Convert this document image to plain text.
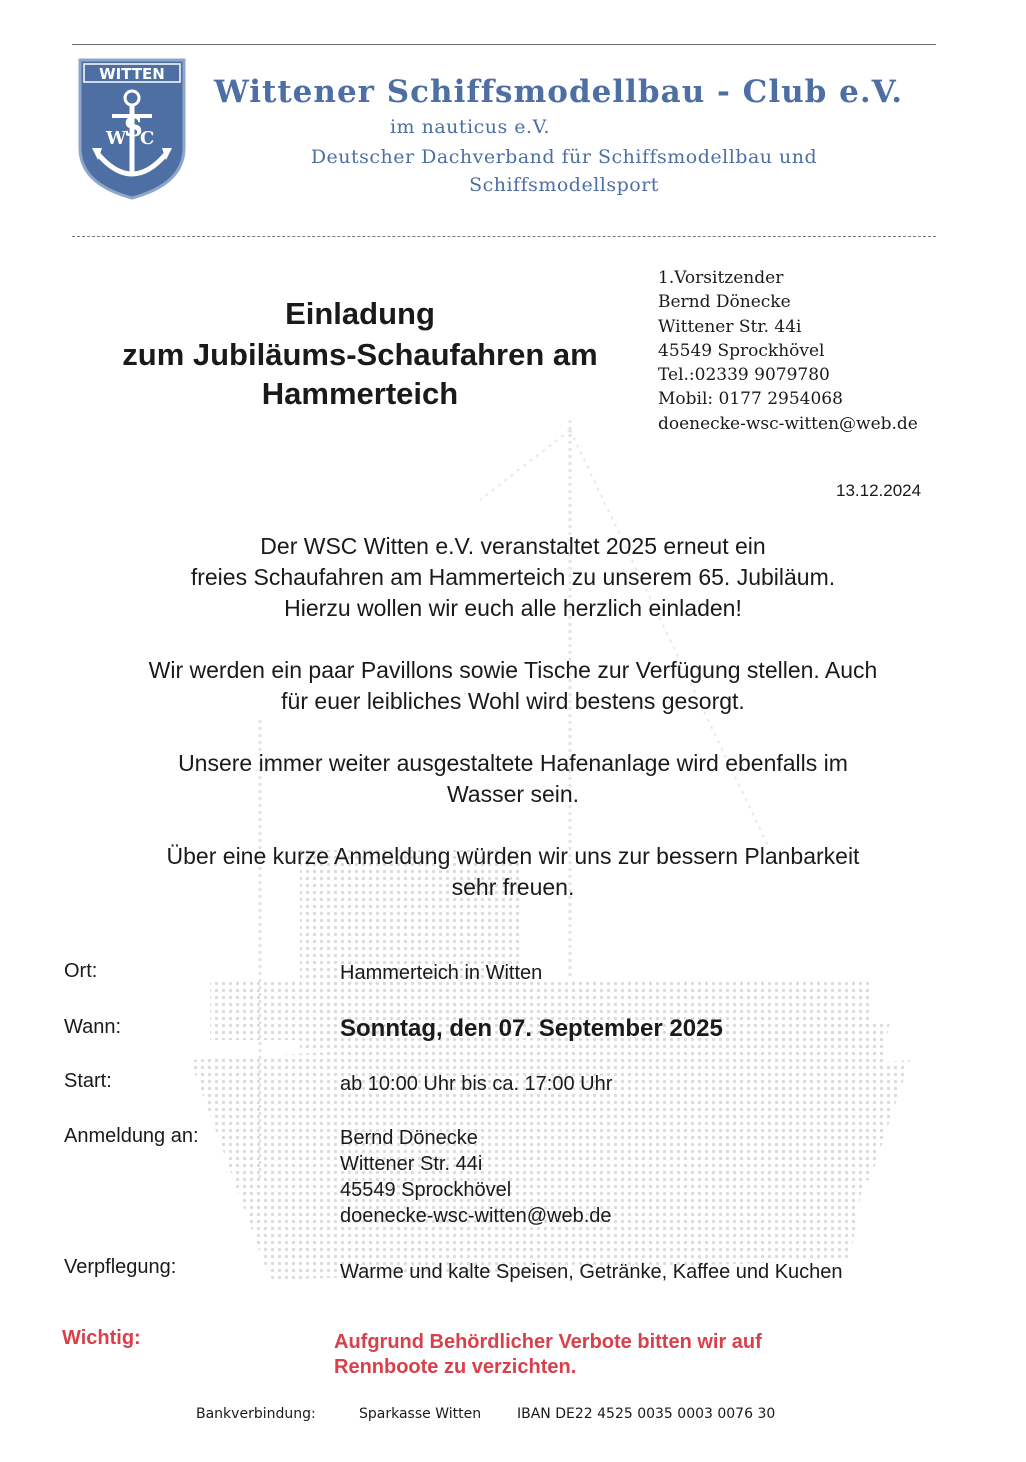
WITTEN
W C
S
Wittener Schiffsmodellbau - Club e.V.
im nauticus e.V.
Deutscher Dachverband für Schiffsmodellbau und
Schiffsmodellsport
Einladung
zum Jubiläums-Schaufahren am
Hammerteich
1.Vorsitzender
Bernd Dönecke
Wittener Str. 44i
45549 Sprockhövel
Tel.:02339 9079780
Mobil: 0177 2954068
doenecke-wsc-witten@web.de
13.12.2024
Der WSC Witten e.V. veranstaltet 2025 erneut ein
freies Schaufahren am Hammerteich zu unserem 65. Jubiläum.
Hierzu wollen wir euch alle herzlich einladen!
Wir werden ein paar Pavillons sowie Tische zur Verfügung stellen. Auch
für euer leibliches Wohl wird bestens gesorgt.
Unsere immer weiter ausgestaltete Hafenanlage wird ebenfalls im
Wasser sein.
Über eine kurze Anmeldung würden wir uns zur bessern Planbarkeit
sehr freuen.
Ort:	Hammerteich in Witten
Wann:	Sonntag, den 07. September 2025
Start:	ab 10:00 Uhr bis ca. 17:00 Uhr
Anmeldung an:	Bernd Dönecke
Wittener Str. 44i
45549 Sprockhövel
doenecke-wsc-witten@web.de
Verpflegung:	Warme und kalte Speisen, Getränke, Kaffee und Kuchen
Wichtig:	Aufgrund Behördlicher Verbote bitten wir auf
Rennboote zu verzichten.
Bankverbindung:	Sparkasse Witten	IBAN DE22 4525 0035 0003 0076 30
